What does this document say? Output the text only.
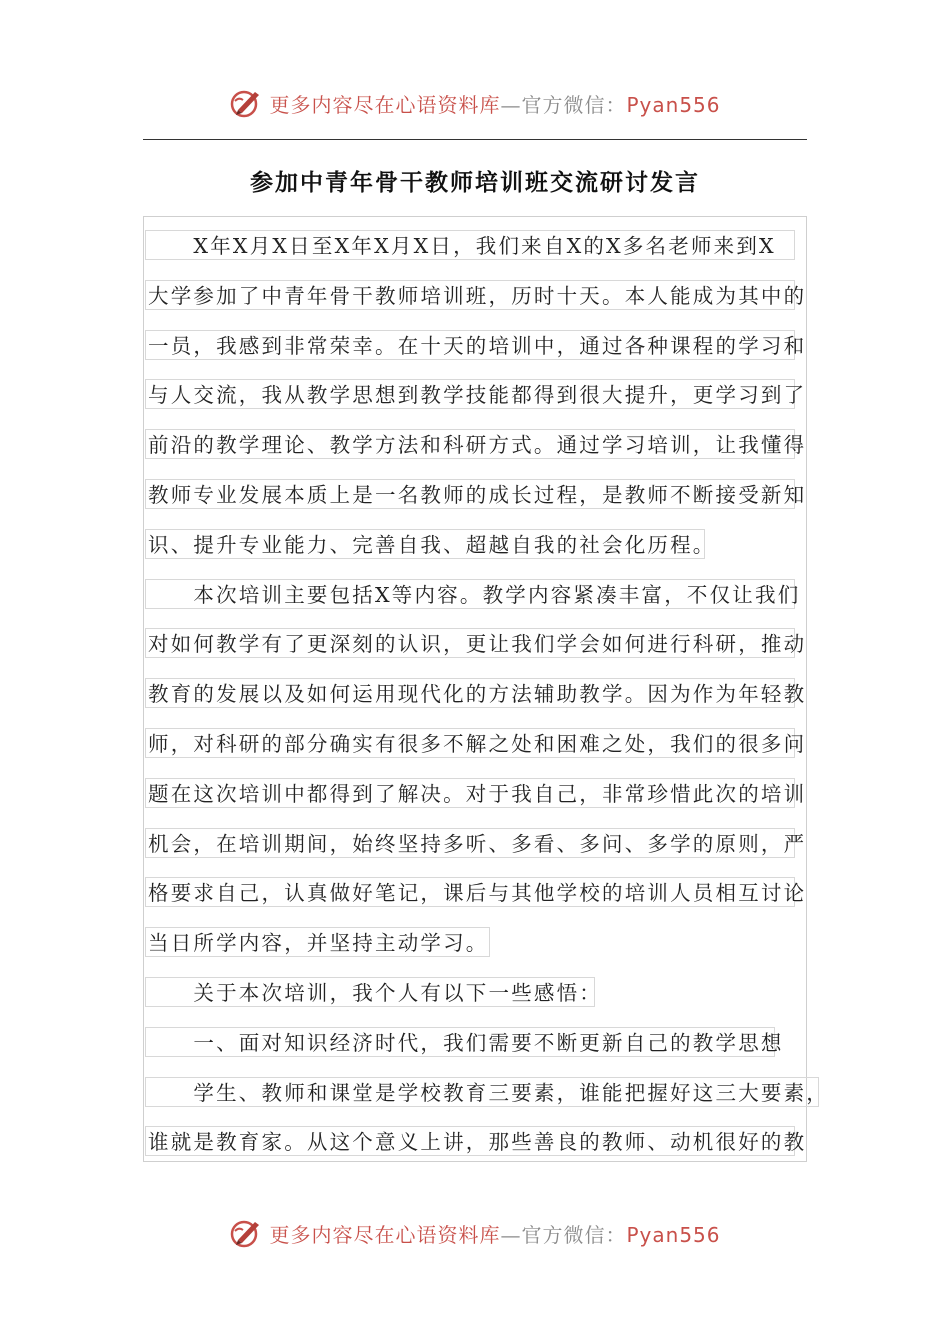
更多内容尽在心语资料库—官方微信：Pyan556
参加中青年骨干教师培训班交流研讨发言
　　X年X月X日至X年X月X日，我们来自X的X多名老师来到X
大学参加了中青年骨干教师培训班，历时十天。本人能成为其中的
一员，我感到非常荣幸。在十天的培训中，通过各种课程的学习和
与人交流，我从教学思想到教学技能都得到很大提升，更学习到了
前沿的教学理论、教学方法和科研方式。通过学习培训，让我懂得
教师专业发展本质上是一名教师的成长过程，是教师不断接受新知
识、提升专业能力、完善自我、超越自我的社会化历程。
　　本次培训主要包括X等内容。教学内容紧凑丰富，不仅让我们
对如何教学有了更深刻的认识，更让我们学会如何进行科研，推动
教育的发展以及如何运用现代化的方法辅助教学。因为作为年轻教
师，对科研的部分确实有很多不解之处和困难之处，我们的很多问
题在这次培训中都得到了解决。对于我自己，非常珍惜此次的培训
机会，在培训期间，始终坚持多听、多看、多问、多学的原则，严
格要求自己，认真做好笔记，课后与其他学校的培训人员相互讨论
当日所学内容，并坚持主动学习。
　　关于本次培训，我个人有以下一些感悟：
　　一、面对知识经济时代，我们需要不断更新自己的教学思想
　　学生、教师和课堂是学校教育三要素，谁能把握好这三大要素，
谁就是教育家。从这个意义上讲，那些善良的教师、动机很好的教
更多内容尽在心语资料库—官方微信：Pyan556
